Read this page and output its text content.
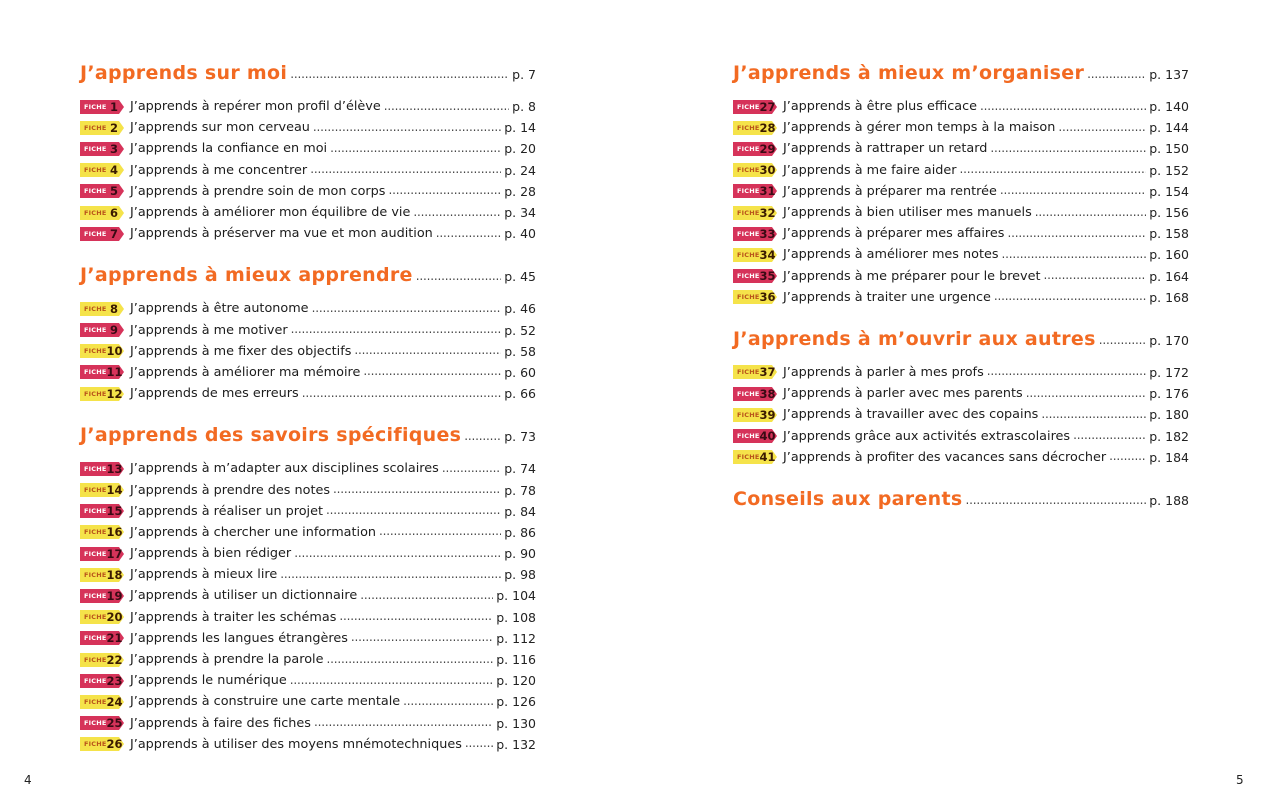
J’apprends sur moi . . .	p. 7
FICHE 1 J’apprends à repérer mon profil d’élève . . .	p. 8
FICHE 2 J’apprends sur mon cerveau . . .	p. 14
FICHE 3 J’apprends la confiance en moi . . .	p. 20
FICHE 4 J’apprends à me concentrer . . .	p. 24
FICHE 5 J’apprends à prendre soin de mon corps . . .	p. 28
FICHE 6 J’apprends à améliorer mon équilibre de vie . . .	p. 34
FICHE 7 J’apprends à préserver ma vue et mon audition . . .	p. 40
J’apprends à mieux apprendre . . .	p. 45
FICHE 8 J’apprends à être autonome . . .	p. 46
FICHE 9 J’apprends à me motiver . . .	p. 52
FICHE 10 J’apprends à me fixer des objectifs . . .	p. 58
FICHE 11 J’apprends à améliorer ma mémoire . . .	p. 60
FICHE 12 J’apprends de mes erreurs . . .	p. 66
J’apprends des savoirs spécifiques . . .	p. 73
FICHE 13 J’apprends à m’adapter aux disciplines scolaires . . .	p. 74
FICHE 14 J’apprends à prendre des notes . . .	p. 78
FICHE 15 J’apprends à réaliser un projet . . .	p. 84
FICHE 16 J’apprends à chercher une information . . .	p. 86
FICHE 17 J’apprends à bien rédiger . . .	p. 90
FICHE 18 J’apprends à mieux lire . . .	p. 98
FICHE 19 J’apprends à utiliser un dictionnaire . . .	p. 104
FICHE 20 J’apprends à traiter les schémas . . .	p. 108
FICHE 21 J’apprends les langues étrangères . . .	p. 112
FICHE 22 J’apprends à prendre la parole . . .	p. 116
FICHE 23 J’apprends le numérique . . .	p. 120
FICHE 24 J’apprends à construire une carte mentale . . .	p. 126
FICHE 25 J’apprends à faire des fiches . . .	p. 130
FICHE 26 J’apprends à utiliser des moyens mnémotechniques . . .	p. 132
J’apprends à mieux m’organiser . . .	p. 137
FICHE 27 J’apprends à être plus efficace . . .	p. 140
FICHE 28 J’apprends à gérer mon temps à la maison . . .	p. 144
FICHE 29 J’apprends à rattraper un retard . . .	p. 150
FICHE 30 J’apprends à me faire aider . . .	p. 152
FICHE 31 J’apprends à préparer ma rentrée . . .	p. 154
FICHE 32 J’apprends à bien utiliser mes manuels . . .	p. 156
FICHE 33 J’apprends à préparer mes affaires . . .	p. 158
FICHE 34 J’apprends à améliorer mes notes . . .	p. 160
FICHE 35 J’apprends à me préparer pour le brevet . . .	p. 164
FICHE 36 J’apprends à traiter une urgence . . .	p. 168
J’apprends à m’ouvrir aux autres . . .	p. 170
FICHE 37 J’apprends à parler à mes profs . . .	p. 172
FICHE 38 J’apprends à parler avec mes parents . . .	p. 176
FICHE 39 J’apprends à travailler avec des copains . . .	p. 180
FICHE 40 J’apprends grâce aux activités extrascolaires . . .	p. 182
FICHE 41 J’apprends à profiter des vacances sans décrocher . . .	p. 184
Conseils aux parents . . .	p. 188
4	5
